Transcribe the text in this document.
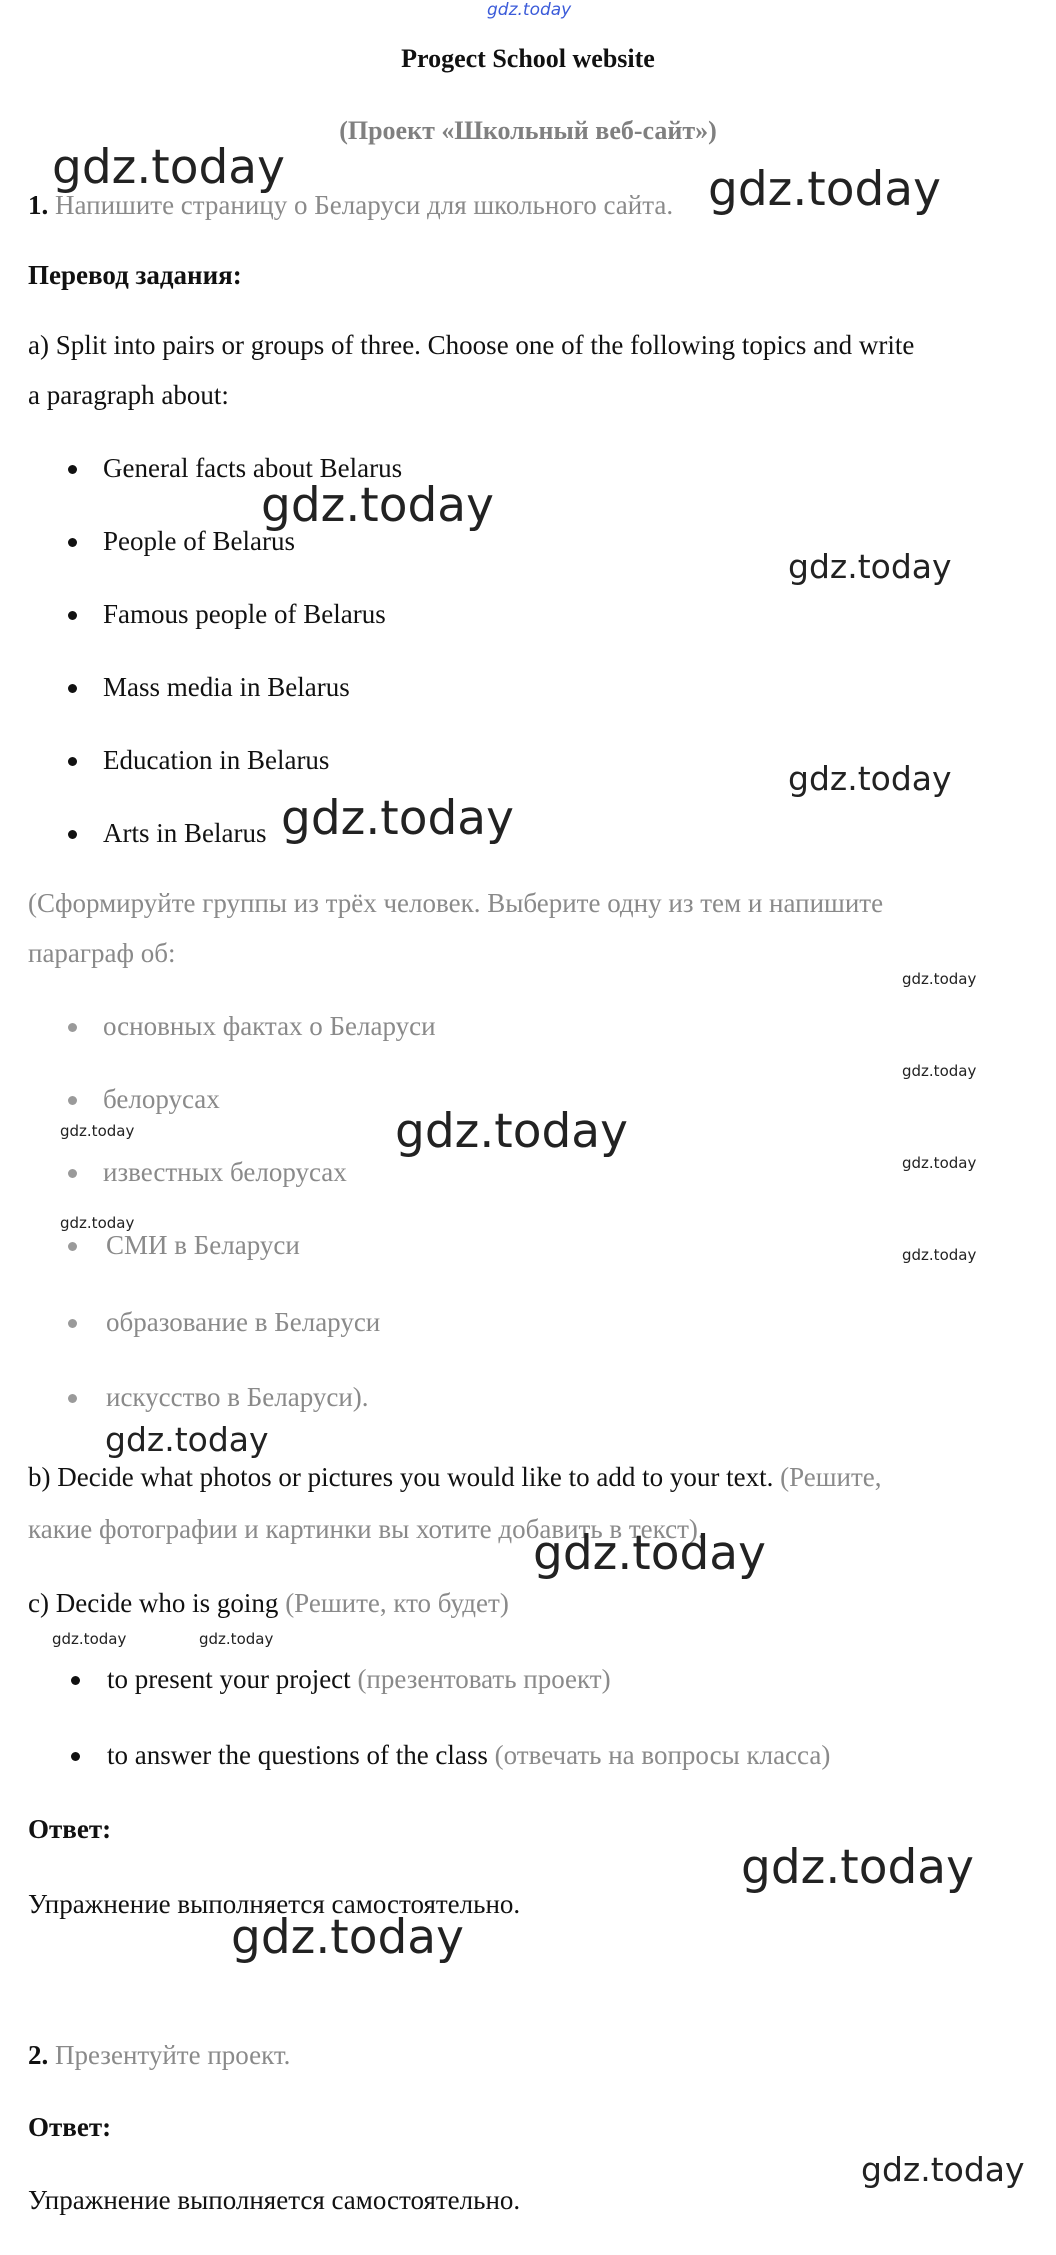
gdz.today
Progect School website
(Проект «Школьный веб-сайт»)
1. Напишите страницу о Беларуси для школьного сайта.
Перевод задания:
a) Split into pairs or groups of three. Choose one of the following topics and write
a paragraph about:
General facts about Belarus
People of Belarus
Famous people of Belarus
Mass media in Belarus
Education in Belarus
Arts in Belarus
(Сформируйте группы из трёх человек. Выберите одну из тем и напишите
параграф об:
основных фактах о Беларуси
белорусах
известных белорусах
СМИ в Беларуси
образование в Беларуси
искусство в Беларуси).
b) Decide what photos or pictures you would like to add to your text. (Решите,
какие фотографии и картинки вы хотите добавить в текст).
c) Decide who is going (Решите, кто будет)
to present your project (презентовать проект)
to answer the questions of the class (отвечать на вопросы класса)
Ответ:
Упражнение выполняется самостоятельно.
2. Презентуйте проект.
Ответ:
Упражнение выполняется самостоятельно.
gdz.today	gdz.today
gdz.today
gdz.today
gdz.today
gdz.today
gdz.today
gdz.today
gdz.today	gdz.today
gdz.today
gdz.today
gdz.today
gdz.today
gdz.today
gdz.today	gdz.today
gdz.today
gdz.today
gdz.today
